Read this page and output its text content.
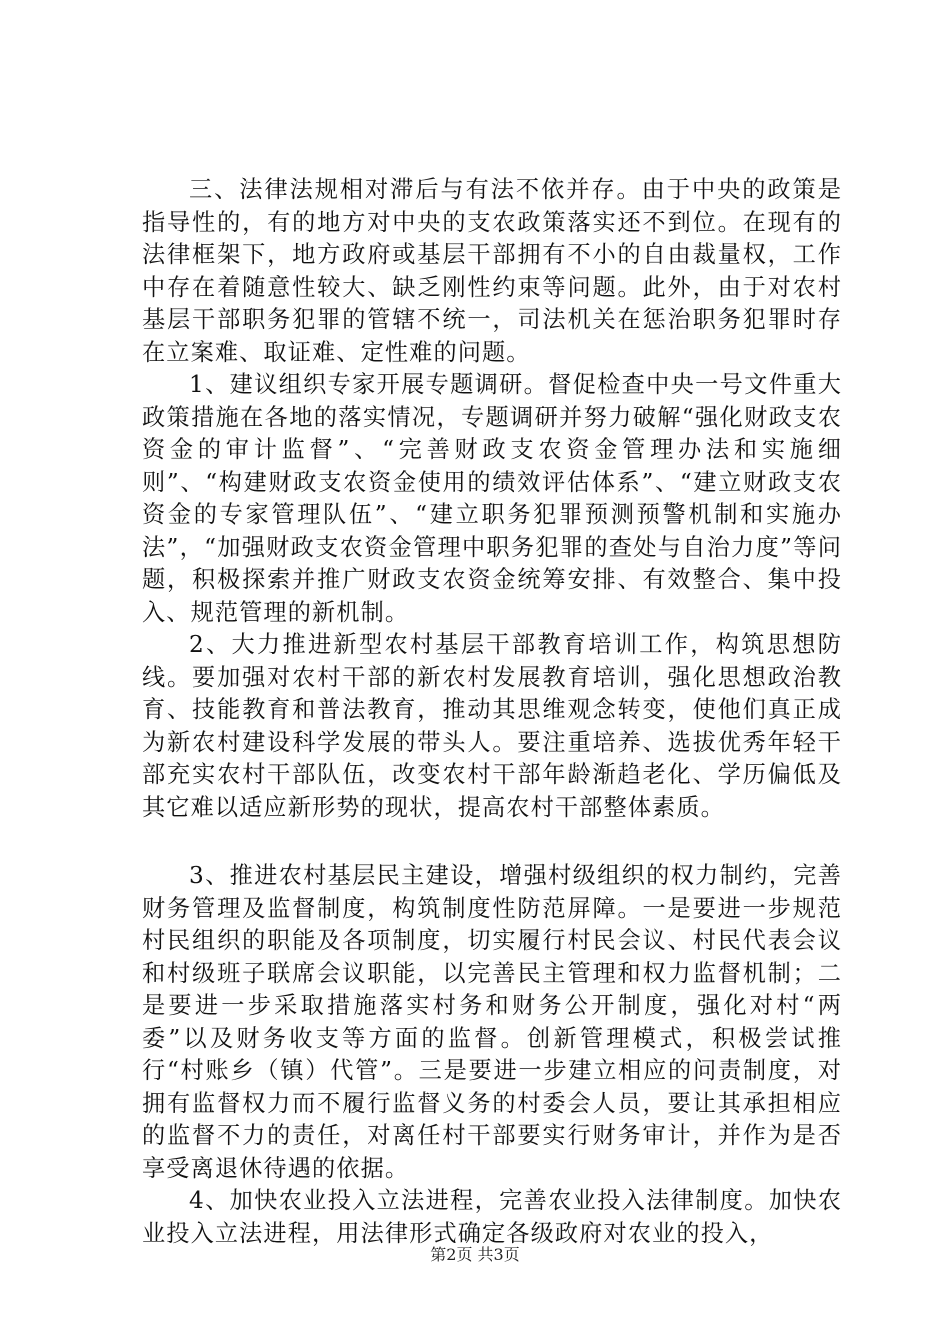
三、法律法规相对滞后与有法不依并存。由于中央的政策是指导性的，有的地方对中央的支农政策落实还不到位。在现有的法律框架下，地方政府或基层干部拥有不小的自由裁量权，工作中存在着随意性较大、缺乏刚性约束等问题。此外，由于对农村基层干部职务犯罪的管辖不统一，司法机关在惩治职务犯罪时存在立案难、取证难、定性难的问题。

1、建议组织专家开展专题调研。督促检查中央一号文件重大政策措施在各地的落实情况，专题调研并努力破解“强化财政支农资金的审计监督”、“完善财政支农资金管理办法和实施细则”、“构建财政支农资金使用的绩效评估体系”、“建立财政支农资金的专家管理队伍”、“建立职务犯罪预测预警机制和实施办法”，“加强财政支农资金管理中职务犯罪的查处与自治力度”等问题，积极探索并推广财政支农资金统筹安排、有效整合、集中投入、规范管理的新机制。

2、大力推进新型农村基层干部教育培训工作，构筑思想防线。要加强对农村干部的新农村发展教育培训，强化思想政治教育、技能教育和普法教育，推动其思维观念转变，使他们真正成为新农村建设科学发展的带头人。要注重培养、选拔优秀年轻干部充实农村干部队伍，改变农村干部年龄渐趋老化、学历偏低及其它难以适应新形势的现状，提高农村干部整体素质。

3、推进农村基层民主建设，增强村级组织的权力制约，完善财务管理及监督制度，构筑制度性防范屏障。一是要进一步规范村民组织的职能及各项制度，切实履行村民会议、村民代表会议和村级班子联席会议职能，以完善民主管理和权力监督机制；二是要进一步采取措施落实村务和财务公开制度，强化对村“两委”以及财务收支等方面的监督。创新管理模式，积极尝试推行“村账乡（镇）代管”。三是要进一步建立相应的问责制度，对拥有监督权力而不履行监督义务的村委会人员，要让其承担相应的监督不力的责任，对离任村干部要实行财务审计，并作为是否享受离退休待遇的依据。

4、加快农业投入立法进程，完善农业投入法律制度。加快农业投入立法进程，用法律形式确定各级政府对农业的投入，

第2页 共3页
